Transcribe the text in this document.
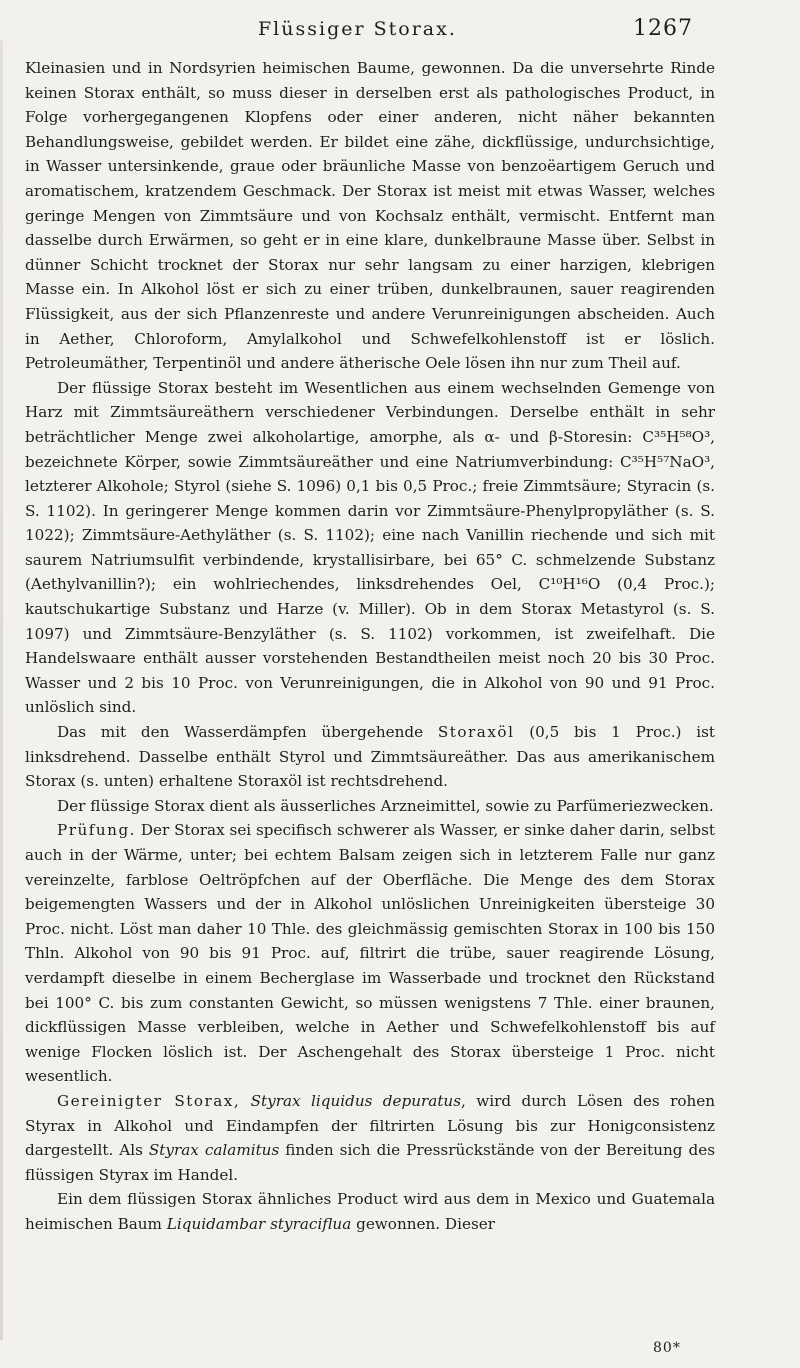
Flüssiger Storax.	1267

Kleinasien und in Nordsyrien heimischen Baume, gewonnen. Da die unversehrte Rinde keinen Storax enthält, so muss dieser in derselben erst als pathologisches Product, in Folge vorhergegangenen Klopfens oder einer anderen, nicht näher bekannten Behandlungsweise, gebildet werden. Er bildet eine zähe, dickflüssige, undurchsichtige, in Wasser untersinkende, graue oder bräunliche Masse von benzoëartigem Geruch und aromatischem, kratzendem Geschmack. Der Storax ist meist mit etwas Wasser, welches geringe Mengen von Zimmtsäure und von Kochsalz enthält, vermischt. Entfernt man dasselbe durch Erwärmen, so geht er in eine klare, dunkelbraune Masse über. Selbst in dünner Schicht trocknet der Storax nur sehr langsam zu einer harzigen, klebrigen Masse ein. In Alkohol löst er sich zu einer trüben, dunkelbraunen, sauer reagirenden Flüssigkeit, aus der sich Pflanzenreste und andere Verunreinigungen abscheiden. Auch in Aether, Chloroform, Amylalkohol und Schwefelkohlenstoff ist er löslich. Petroleumäther, Terpentinöl und andere ätherische Oele lösen ihn nur zum Theil auf.

Der flüssige Storax besteht im Wesentlichen aus einem wechselnden Gemenge von Harz mit Zimmtsäureäthern verschiedener Verbindungen. Derselbe enthält in sehr beträchtlicher Menge zwei alkoholartige, amorphe, als α- und β-Storesin: C³⁵H⁵⁸O³, bezeichnete Körper, sowie Zimmtsäureäther und eine Natriumverbindung: C³⁵H⁵⁷NaO³, letzterer Alkohole; Styrol (siehe S. 1096) 0,1 bis 0,5 Proc.; freie Zimmtsäure; Styracin (s. S. 1102). In geringerer Menge kommen darin vor Zimmtsäure-Phenylpropyläther (s. S. 1022); Zimmtsäure-Aethyläther (s. S. 1102); eine nach Vanillin riechende und sich mit saurem Natriumsulfit verbindende, krystallisirbare, bei 65° C. schmelzende Substanz (Aethylvanillin?); ein wohlriechendes, linksdrehendes Oel, C¹⁰H¹⁶O (0,4 Proc.); kautschukartige Substanz und Harze (v. Miller). Ob in dem Storax Metastyrol (s. S. 1097) und Zimmtsäure-Benzyläther (s. S. 1102) vorkommen, ist zweifelhaft. Die Handelswaare enthält ausser vorstehenden Bestandtheilen meist noch 20 bis 30 Proc. Wasser und 2 bis 10 Proc. von Verunreinigungen, die in Alkohol von 90 und 91 Proc. unlöslich sind.

Das mit den Wasserdämpfen übergehende Storaxöl (0,5 bis 1 Proc.) ist linksdrehend. Dasselbe enthält Styrol und Zimmtsäureäther. Das aus amerikanischem Storax (s. unten) erhaltene Storaxöl ist rechtsdrehend.

Der flüssige Storax dient als äusserliches Arzneimittel, sowie zu Parfümeriezwecken.

Prüfung. Der Storax sei specifisch schwerer als Wasser, er sinke daher darin, selbst auch in der Wärme, unter; bei echtem Balsam zeigen sich in letzterem Falle nur ganz vereinzelte, farblose Oeltröpfchen auf der Oberfläche. Die Menge des dem Storax beigemengten Wassers und der in Alkohol unlöslichen Unreinigkeiten übersteige 30 Proc. nicht. Löst man daher 10 Thle. des gleichmässig gemischten Storax in 100 bis 150 Thln. Alkohol von 90 bis 91 Proc. auf, filtrirt die trübe, sauer reagirende Lösung, verdampft dieselbe in einem Becherglase im Wasserbade und trocknet den Rückstand bei 100° C. bis zum constanten Gewicht, so müssen wenigstens 7 Thle. einer braunen, dickflüssigen Masse verbleiben, welche in Aether und Schwefelkohlenstoff bis auf wenige Flocken löslich ist. Der Aschengehalt des Storax übersteige 1 Proc. nicht wesentlich.

Gereinigter Storax, Styrax liquidus depuratus, wird durch Lösen des rohen Styrax in Alkohol und Eindampfen der filtrirten Lösung bis zur Honigconsistenz dargestellt. Als Styrax calamitus finden sich die Pressrückstände von der Bereitung des flüssigen Styrax im Handel.

Ein dem flüssigen Storax ähnliches Product wird aus dem in Mexico und Guatemala heimischen Baum Liquidambar styraciflua gewonnen. Dieser

80*
